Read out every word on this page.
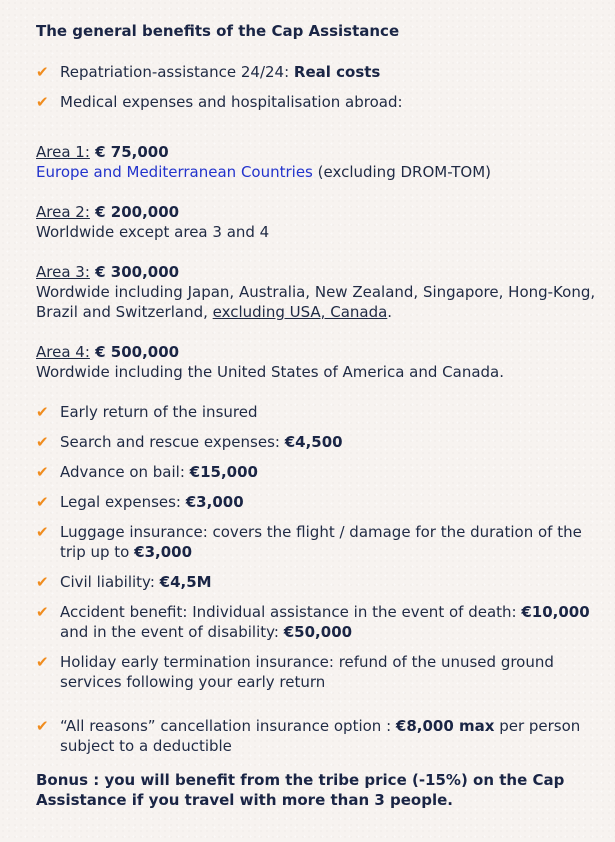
The general benefits of the Cap Assistance
✔ Repatriation-assistance 24/24: Real costs
✔ Medical expenses and hospitalisation abroad:
Area 1: € 75,000
Europe and Mediterranean Countries (excluding DROM-TOM)
Area 2: € 200,000
Worldwide except area 3 and 4
Area 3: € 300,000
Wordwide including Japan, Australia, New Zealand, Singapore, Hong-Kong, Brazil and Switzerland, excluding USA, Canada.
Area 4: € 500,000
Wordwide including the United States of America and Canada.
✔ Early return of the insured
✔ Search and rescue expenses: €4,500
✔ Advance on bail: €15,000
✔ Legal expenses: €3,000
✔ Luggage insurance: covers the flight / damage for the duration of the trip up to €3,000
✔ Civil liability: €4,5M
✔ Accident benefit: Individual assistance in the event of death: €10,000 and in the event of disability: €50,000
✔ Holiday early termination insurance: refund of the unused ground services following your early return
✔ “All reasons” cancellation insurance option : €8,000 max per person subject to a deductible
Bonus : you will benefit from the tribe price (-15%) on the Cap Assistance if you travel with more than 3 people.
